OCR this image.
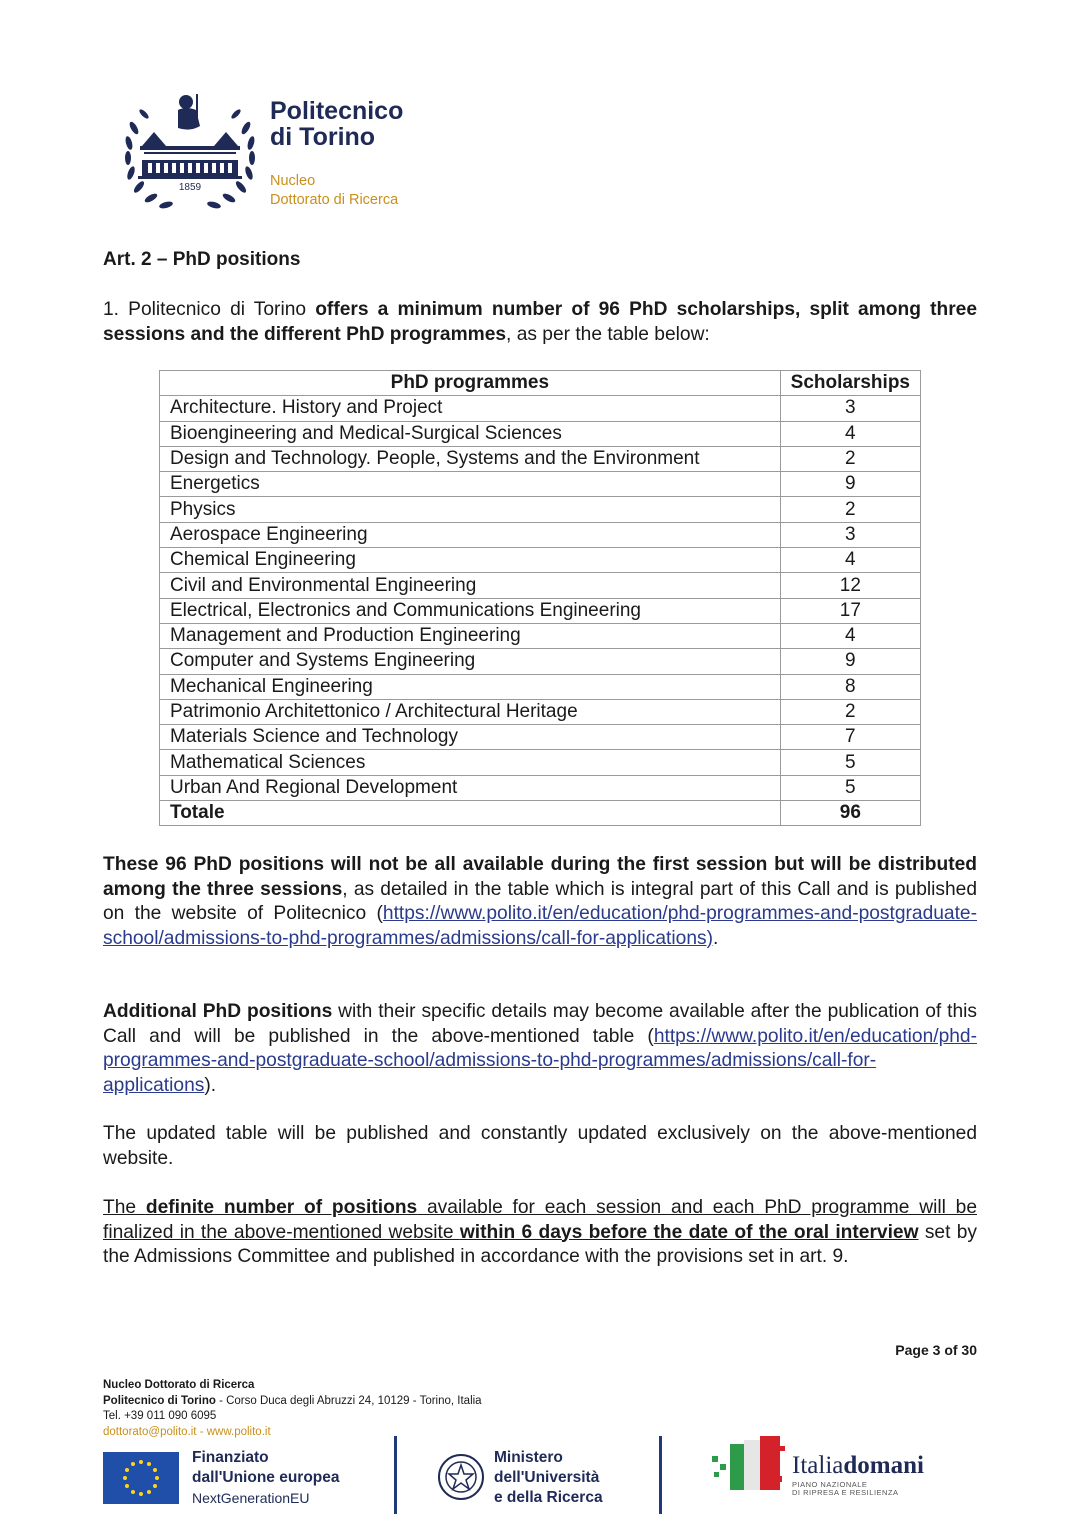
1859
Politecnico
di Torino
Nucleo
Dottorato di Ricerca
Art. 2 – PhD positions
1. Politecnico di Torino offers a minimum number of 96 PhD scholarships, split among three sessions and the different PhD programmes, as per the table below:
PhD programmes	Scholarships
Architecture. History and Project	3
Bioengineering and Medical-Surgical Sciences	4
Design and Technology. People, Systems and the Environment	2
Energetics	9
Physics	2
Aerospace Engineering	3
Chemical Engineering	4
Civil and Environmental Engineering	12
Electrical, Electronics and Communications Engineering	17
Management and Production Engineering	4
Computer and Systems Engineering	9
Mechanical Engineering	8
Patrimonio Architettonico / Architectural Heritage	2
Materials Science and Technology	7
Mathematical Sciences	5
Urban And Regional Development	5
Totale	96
These 96 PhD positions will not be all available during the first session but will be distributed among the three sessions, as detailed in the table which is integral part of this Call and is published on the website of Politecnico (https://www.polito.it/en/education/phd-programmes-and-postgraduate-school/admissions-to-phd-programmes/admissions/call-for-applications).
Additional PhD positions with their specific details may become available after the publication of this Call and will be published in the above-mentioned table (https://www.polito.it/en/education/phd-programmes-and-postgraduate-school/admissions-to-phd-programmes/admissions/call-for-applications).
The updated table will be published and constantly updated exclusively on the above-mentioned website.
The definite number of positions available for each session and each PhD programme will be finalized in the above-mentioned website within 6 days before the date of the oral interview set by the Admissions Committee and published in accordance with the provisions set in art. 9.
Page 3 of 30
Nucleo Dottorato di Ricerca
Politecnico di Torino - Corso Duca degli Abruzzi 24, 10129 - Torino, Italia
Tel. +39 011 090 6095
dottorato@polito.it - www.polito.it
Finanziato
dall'Unione europea
NextGenerationEU
Ministero
dell'Università
e della Ricerca
Italiadomani
PIANO NAZIONALE
DI RIPRESA E RESILIENZA
